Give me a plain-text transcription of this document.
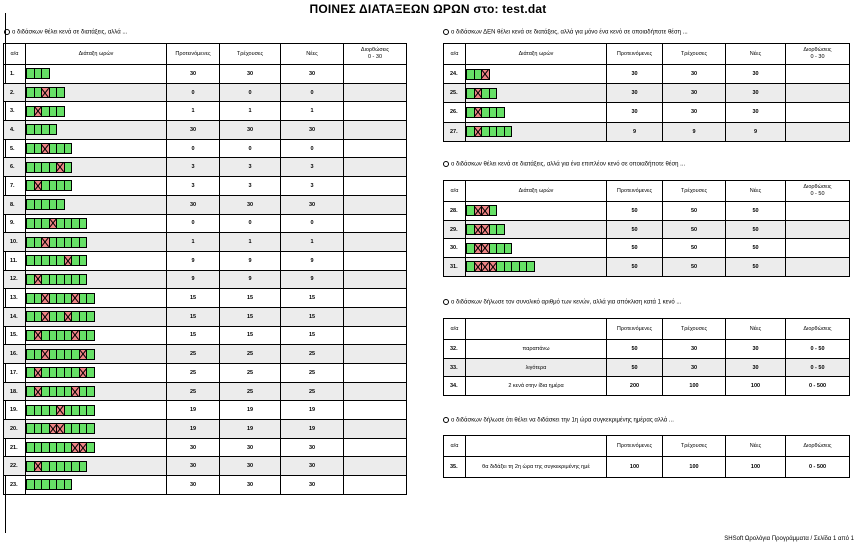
ΠΟΙΝΕΣ ΔΙΑΤΑΞΕΩΝ ΩΡΩΝ στο: test.dat
ο διδάσκων θέλει κενά σε διατάξεις, αλλά ...
α/α	Διάταξη ωρών	Προτεινόμενες	Τρέχουσες	Νέες	Διορθώσεις
0 - 30
1.		30	30	30	
2.		0	0	0	
3.		1	1	1	
4.		30	30	30	
5.		0	0	0	
6.		3	3	3	
7.		3	3	3	
8.		30	30	30	
9.		0	0	0	
10.		1	1	1	
11.		9	9	9	
12.		9	9	9	
13.		15	15	15	
14.		15	15	15	
15.		15	15	15	
16.		25	25	25	
17.		25	25	25	
18.		25	25	25	
19.		19	19	19	
20.		19	19	19	
21.		30	30	30	
22.		30	30	30	
23.		30	30	30	
ο διδάσκων ΔΕΝ θέλει κενά σε διατάξεις, αλλά για μόνο ένα κενό σε οποιαδήποτε θέση ...
α/α	Διάταξη ωρών	Προτεινόμενες	Τρέχουσες	Νέες	Διορθώσεις
0 - 30
24.		30	30	30	
25.		30	30	30	
26.		30	30	30	
27.		9	9	9	
ο διδάσκων θέλει κενά σε διατάξεις, αλλά για ένα επιπλέον κενό σε οποιαδήποτε θέση ...
α/α	Διάταξη ωρών	Προτεινόμενες	Τρέχουσες	Νέες	Διορθώσεις
0 - 50
28.		50	50	50	
29.		50	50	50	
30.		50	50	50	
31.		50	50	50	
ο διδάσκων δήλωσε τον συνολικό αριθμό των κενών, αλλά για απόκλιση κατά 1 κενό ...
α/α		Προτεινόμενες	Τρέχουσες	Νέες	Διορθώσεις
32.	παραπάνω	50	30	30	0 - 50
33.	λιγότερα	50	30	30	0 - 50
34.	2 κενά στην ίδια ημέρα	200	100	100	0 - 500
ο διδάσκων δήλωσε ότι θέλει να διδάσκει την 1η ώρα συγκεκριμένης ημέρας αλλά ...
α/α		Προτεινόμενες	Τρέχουσες	Νέες	Διορθώσεις
35.	θα διδάξει τη 2η ώρα της συγκεκριμένης ημέ	100	100	100	0 - 500
SHSoft Ωρολόγια Προγράμματα / Σελίδα 1 από 1
